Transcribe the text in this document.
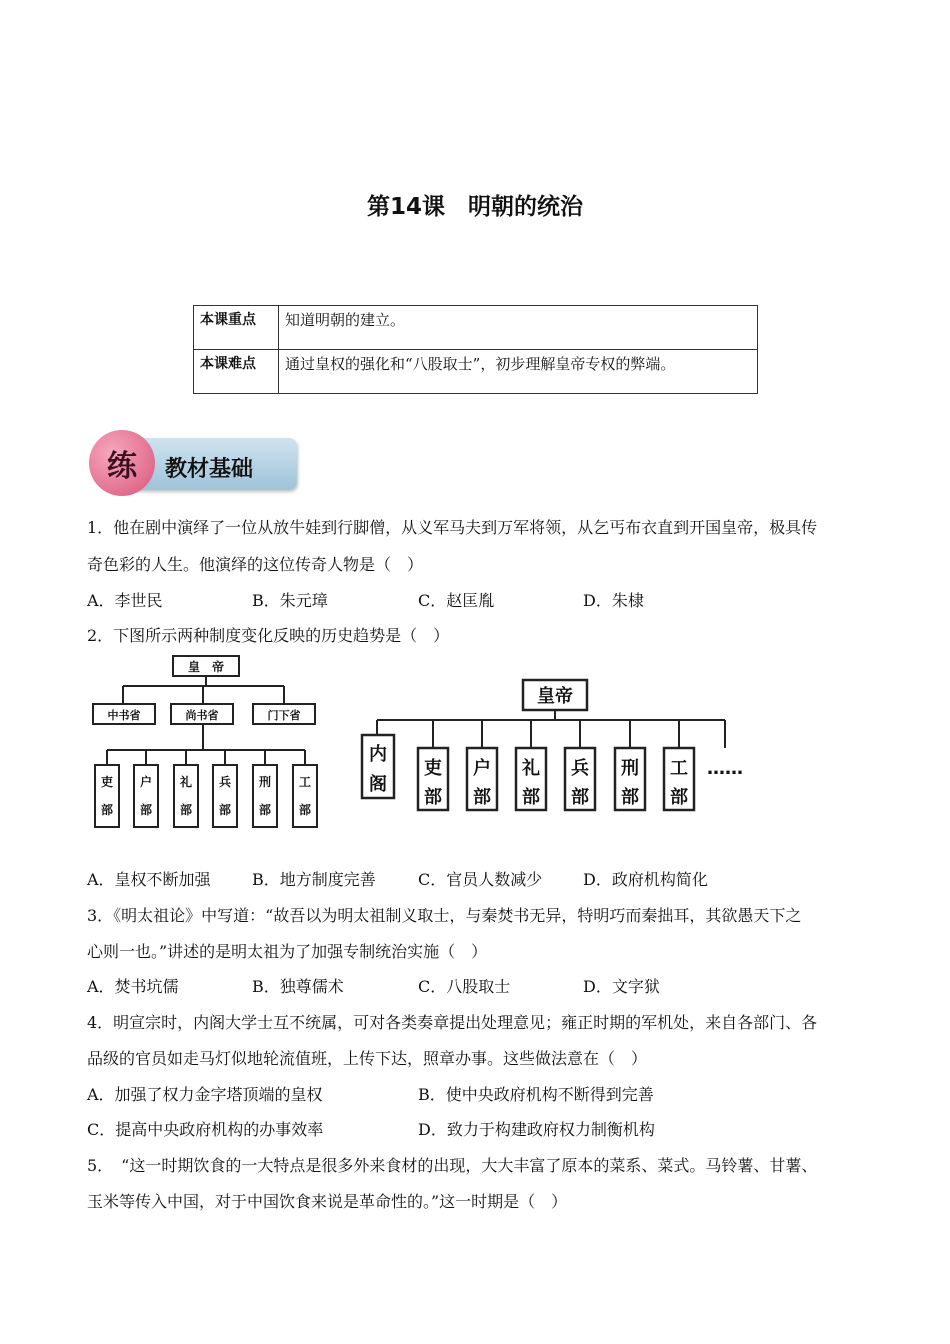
第14课　明朝的统治
本课重点	知道明朝的建立。
本课难点	通过皇权的强化和“八股取士”，初步理解皇帝专权的弊端。
练	教材基础
1．他在剧中演绎了一位从放牛娃到行脚僧，从义军马夫到万军将领，从乞丐布衣直到开国皇帝，极具传
奇色彩的人生。他演绎的这位传奇人物是（　）
A．李世民	B．朱元璋	C．赵匡胤	D．朱棣
2．下图所示两种制度变化反映的历史趋势是（　）
皇　帝
中书省	尚书省	门下省
吏
部
户
部
礼
部
兵
部
刑
部
工
部
皇帝
内
阁
吏
部
户
部
礼
部
兵
部
刑
部
工
部
……
A．皇权不断加强	B．地方制度完善	C．官员人数减少	D．政府机构简化
3．《明太祖论》中写道：“故吾以为明太祖制义取士，与秦焚书无异，特明巧而秦拙耳，其欲愚天下之
心则一也。”讲述的是明太祖为了加强专制统治实施（　）
A．焚书坑儒	B．独尊儒术	C．八股取士	D．文字狱
4．明宣宗时，内阁大学士互不统属，可对各类奏章提出处理意见；雍正时期的军机处，来自各部门、各
品级的官员如走马灯似地轮流值班，上传下达，照章办事。这些做法意在（　）
A．加强了权力金字塔顶端的皇权	B．使中央政府机构不断得到完善
C．提高中央政府机构的办事效率	D．致力于构建政府权力制衡机构
5．　“这一时期饮食的一大特点是很多外来食材的出现，大大丰富了原本的菜系、菜式。马铃薯、甘薯、
玉米等传入中国，对于中国饮食来说是革命性的。”这一时期是（　）
